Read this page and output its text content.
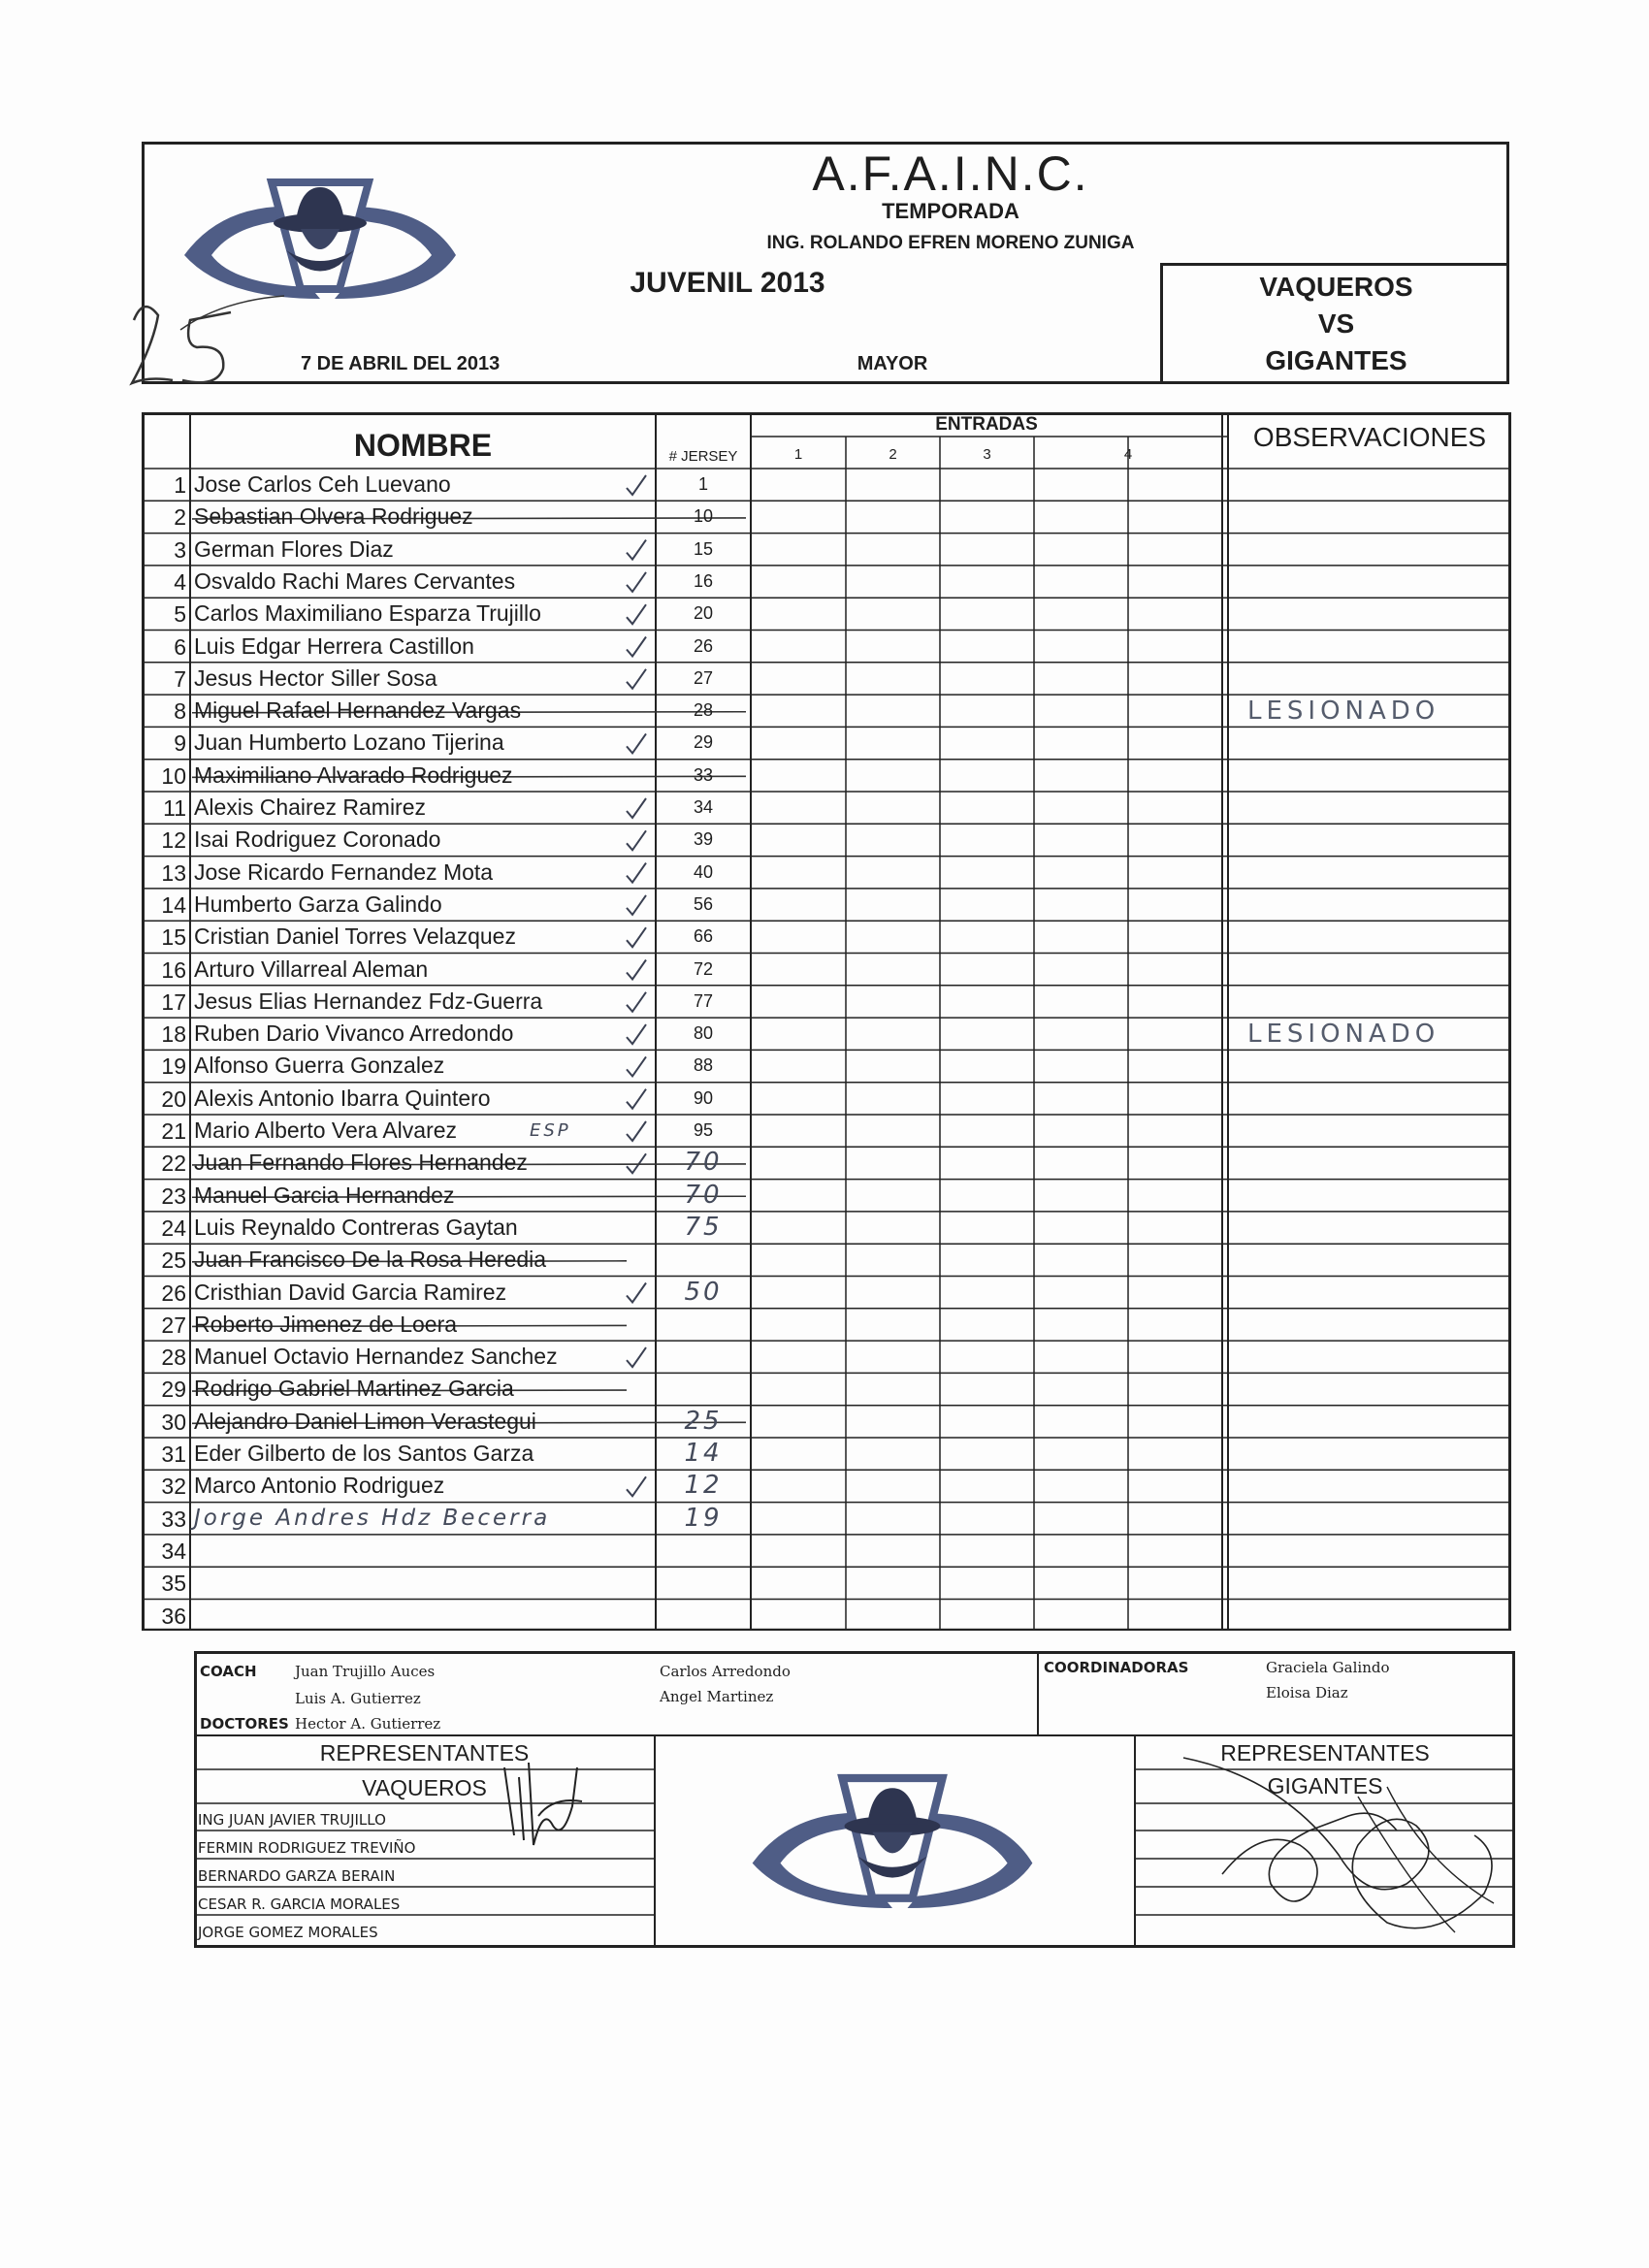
25
A.F.A.I.N.C.
TEMPORADA
ING. ROLANDO EFREN MORENO ZUNIGA
JUVENIL 2013
7 DE ABRIL DEL 2013	MAYOR
VAQUEROS
VS
GIGANTES
NOMBRE	# JERSEY
ENTRADAS
1	2	3	4
OBSERVACIONES
1 Jose Carlos Ceh Luevano	1
2 Sebastian Olvera Rodriguez	10
3 German Flores Diaz	15
4 Osvaldo Rachi Mares Cervantes	16
5 Carlos Maximiliano Esparza Trujillo	20
6 Luis Edgar Herrera Castillon	26
7 Jesus Hector Siller Sosa	27
8 Miguel Rafael Hernandez Vargas	28	LESIONADO
9 Juan Humberto Lozano Tijerina	29
10 Maximiliano Alvarado Rodriguez	33
11 Alexis Chairez Ramirez	34
12 Isai Rodriguez Coronado	39
13 Jose Ricardo Fernandez Mota	40
14 Humberto Garza Galindo	56
15 Cristian Daniel Torres Velazquez	66
16 Arturo Villarreal Aleman	72
17 Jesus Elias Hernandez Fdz-Guerra	77
18 Ruben Dario Vivanco Arredondo	80	LESIONADO
19 Alfonso Guerra Gonzalez	88
20 Alexis Antonio Ibarra Quintero	90
21 Mario Alberto Vera Alvarez	95
ESP
22 Juan Fernando Flores Hernandez	70
23 Manuel Garcia Hernandez	70
24 Luis Reynaldo Contreras Gaytan	75
25 Juan Francisco De la Rosa Heredia
26 Cristhian David Garcia Ramirez	50
27 Roberto Jimenez de Loera
28 Manuel Octavio Hernandez Sanchez
29 Rodrigo Gabriel Martinez Garcia
30 Alejandro Daniel Limon Verastegui	25
31 Eder Gilberto de los Santos Garza	14
32 Marco Antonio Rodriguez	12
33 Jorge Andres Hdz Becerra	19
34
35
36
COACH	Juan Trujillo Auces
Luis A. Gutierrez
DOCTORES Hector A. Gutierrez
Carlos Arredondo
Angel Martinez
COORDINADORAS	Graciela Galindo
Eloisa Diaz
REPRESENTANTES
VAQUEROS
ING JUAN JAVIER TRUJILLO
FERMIN RODRIGUEZ TREVIÑO
BERNARDO GARZA BERAIN
CESAR R. GARCIA MORALES
JORGE GOMEZ MORALES
REPRESENTANTES
GIGANTES
